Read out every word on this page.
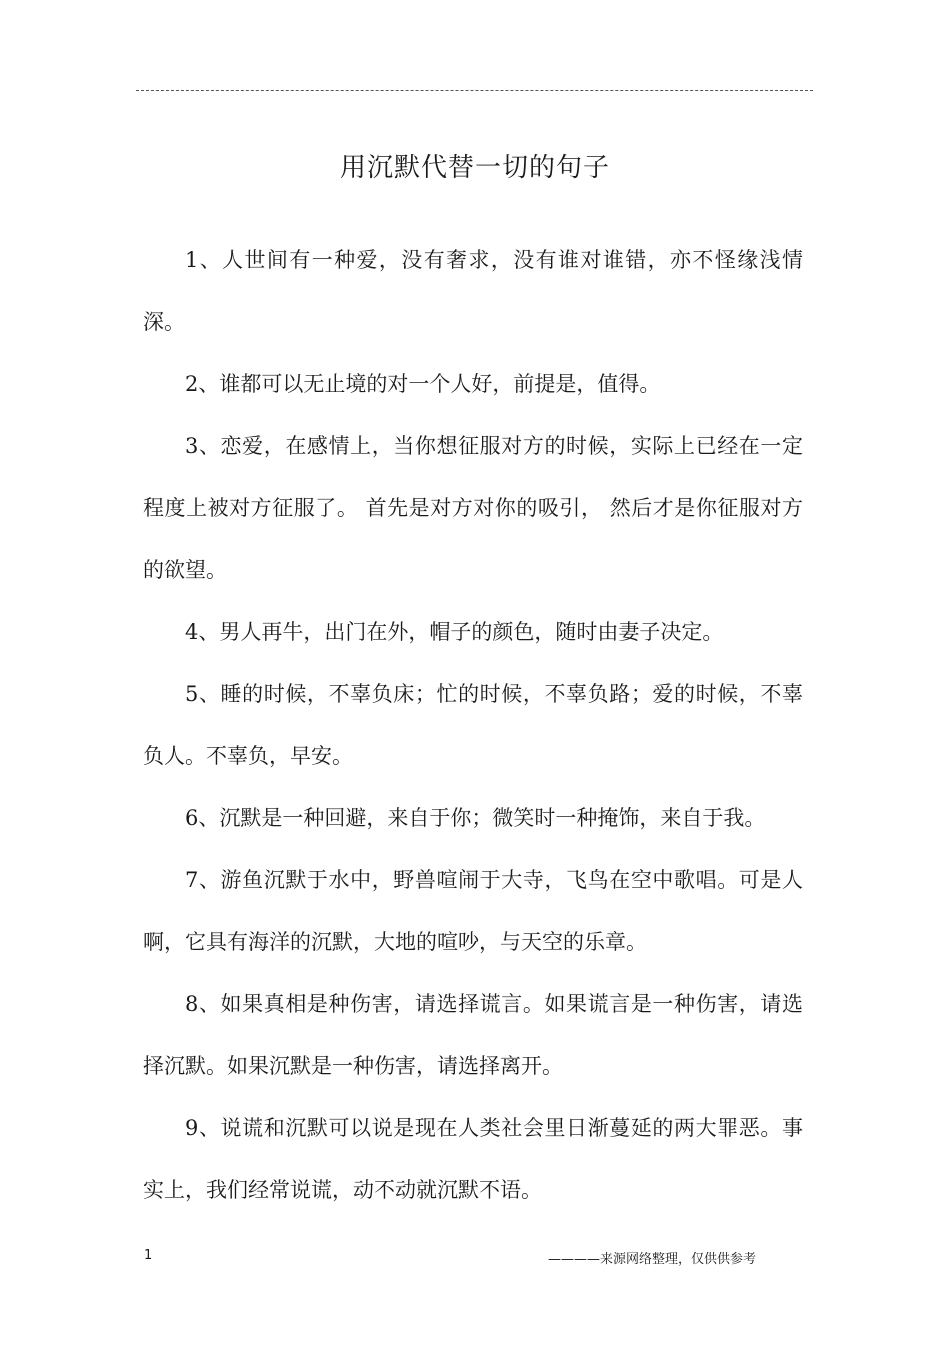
用沉默代替一切的句子

1、人世间有一种爱，没有奢求，没有谁对谁错，亦不怪缘浅情深。

2、谁都可以无止境的对一个人好，前提是，值得。

3、恋爱，在感情上，当你想征服对方的时候，实际上已经在一定程度上被对方征服了。 首先是对方对你的吸引， 然后才是你征服对方的欲望。

4、男人再牛，出门在外，帽子的颜色，随时由妻子决定。

5、睡的时候，不辜负床；忙的时候，不辜负路；爱的时候，不辜负人。不辜负，早安。

6、沉默是一种回避，来自于你；微笑时一种掩饰，来自于我。

7、游鱼沉默于水中，野兽喧闹于大寺，飞鸟在空中歌唱。可是人啊，它具有海洋的沉默，大地的喧吵，与天空的乐章。

8、如果真相是种伤害，请选择谎言。如果谎言是一种伤害，请选择沉默。如果沉默是一种伤害，请选择离开。

9、说谎和沉默可以说是现在人类社会里日渐蔓延的两大罪恶。事实上，我们经常说谎，动不动就沉默不语。

1	————来源网络整理，仅供供参考
